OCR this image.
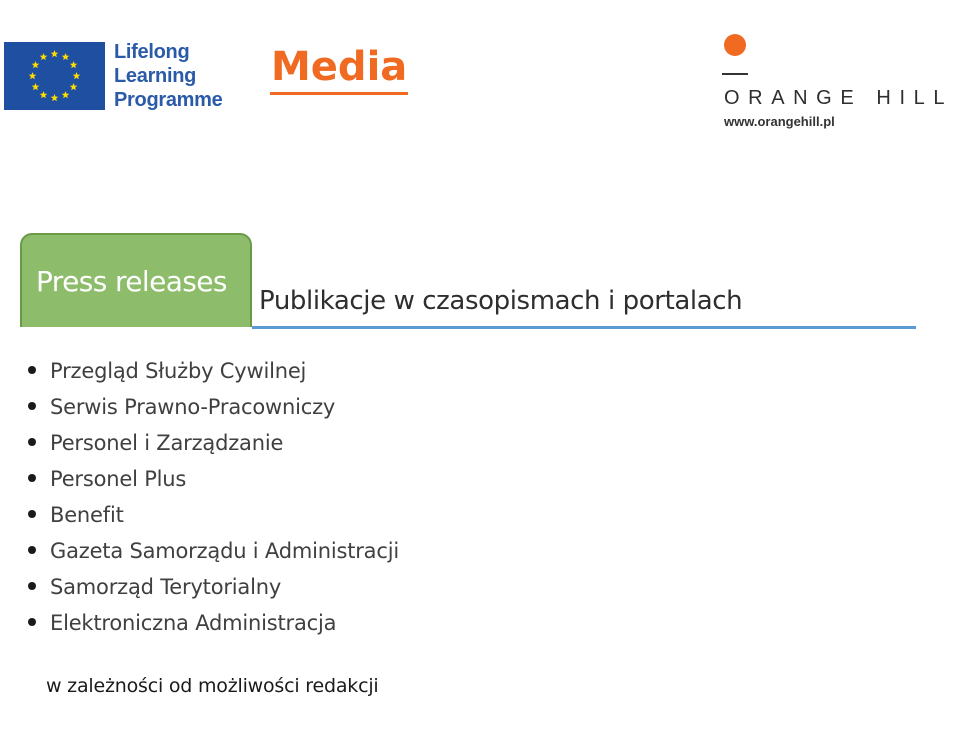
Lifelong
Learning
Programme
Media
ORANGE HILL
www.orangehill.pl
Press releases
Publikacje w czasopismach i portalach
Przegląd Służby Cywilnej
Serwis Prawno-Pracowniczy
Personel i Zarządzanie
Personel Plus
Benefit
Gazeta Samorządu i Administracji
Samorząd Terytorialny
Elektroniczna Administracja
w zależności od możliwości redakcji
